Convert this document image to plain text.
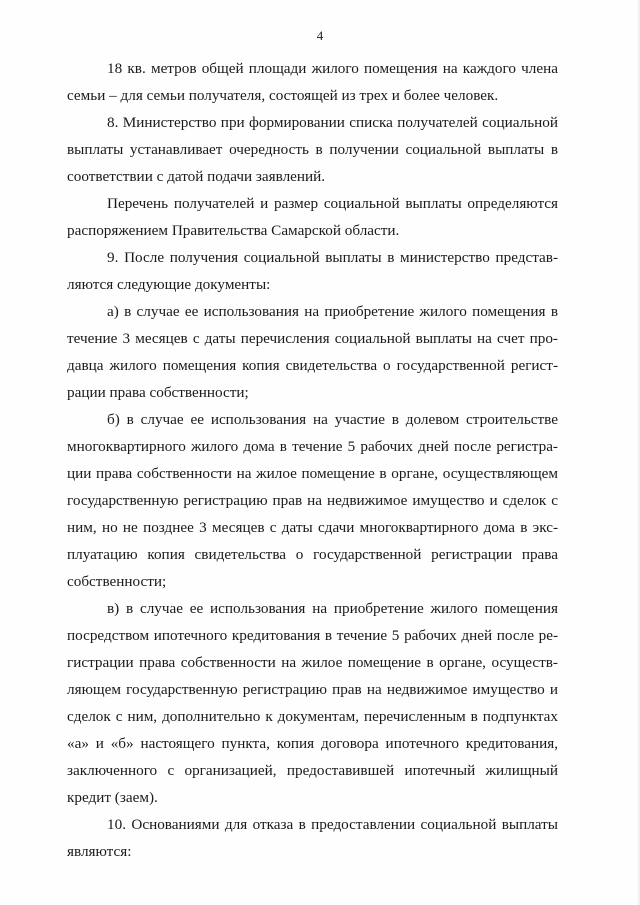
4
18 кв. метров общей площади жилого помещения на каждого члена
семьи – для семьи получателя, состоящей из трех и более человек.
8. Министерство при формировании списка получателей социальной
выплаты устанавливает очередность в получении социальной выплаты в
соответствии с датой подачи заявлений.
Перечень получателей и размер социальной выплаты определяются
распоряжением Правительства Самарской области.
9. После получения социальной выплаты в министерство представ-
ляются следующие документы:
а) в случае ее использования на приобретение жилого помещения в
течение 3 месяцев с даты перечисления социальной выплаты на счет про-
давца жилого помещения копия свидетельства о государственной регист-
рации права собственности;
б) в случае ее использования на участие в долевом строительстве
многоквартирного жилого дома в течение 5 рабочих дней после регистра-
ции права собственности на жилое помещение в органе, осуществляющем
государственную регистрацию прав на недвижимое имущество и сделок с
ним, но не позднее 3 месяцев с даты сдачи многоквартирного дома в экс-
плуатацию копия свидетельства о государственной регистрации права
собственности;
в) в случае ее использования на приобретение жилого помещения
посредством ипотечного кредитования в течение 5 рабочих дней после ре-
гистрации права собственности на жилое помещение в органе, осуществ-
ляющем государственную регистрацию прав на недвижимое имущество и
сделок с ним, дополнительно к документам, перечисленным в подпунктах
«а» и «б» настоящего пункта, копия договора ипотечного кредитования,
заключенного с организацией, предоставившей ипотечный жилищный
кредит (заем).
10. Основаниями для отказа в предоставлении социальной выплаты
являются:
